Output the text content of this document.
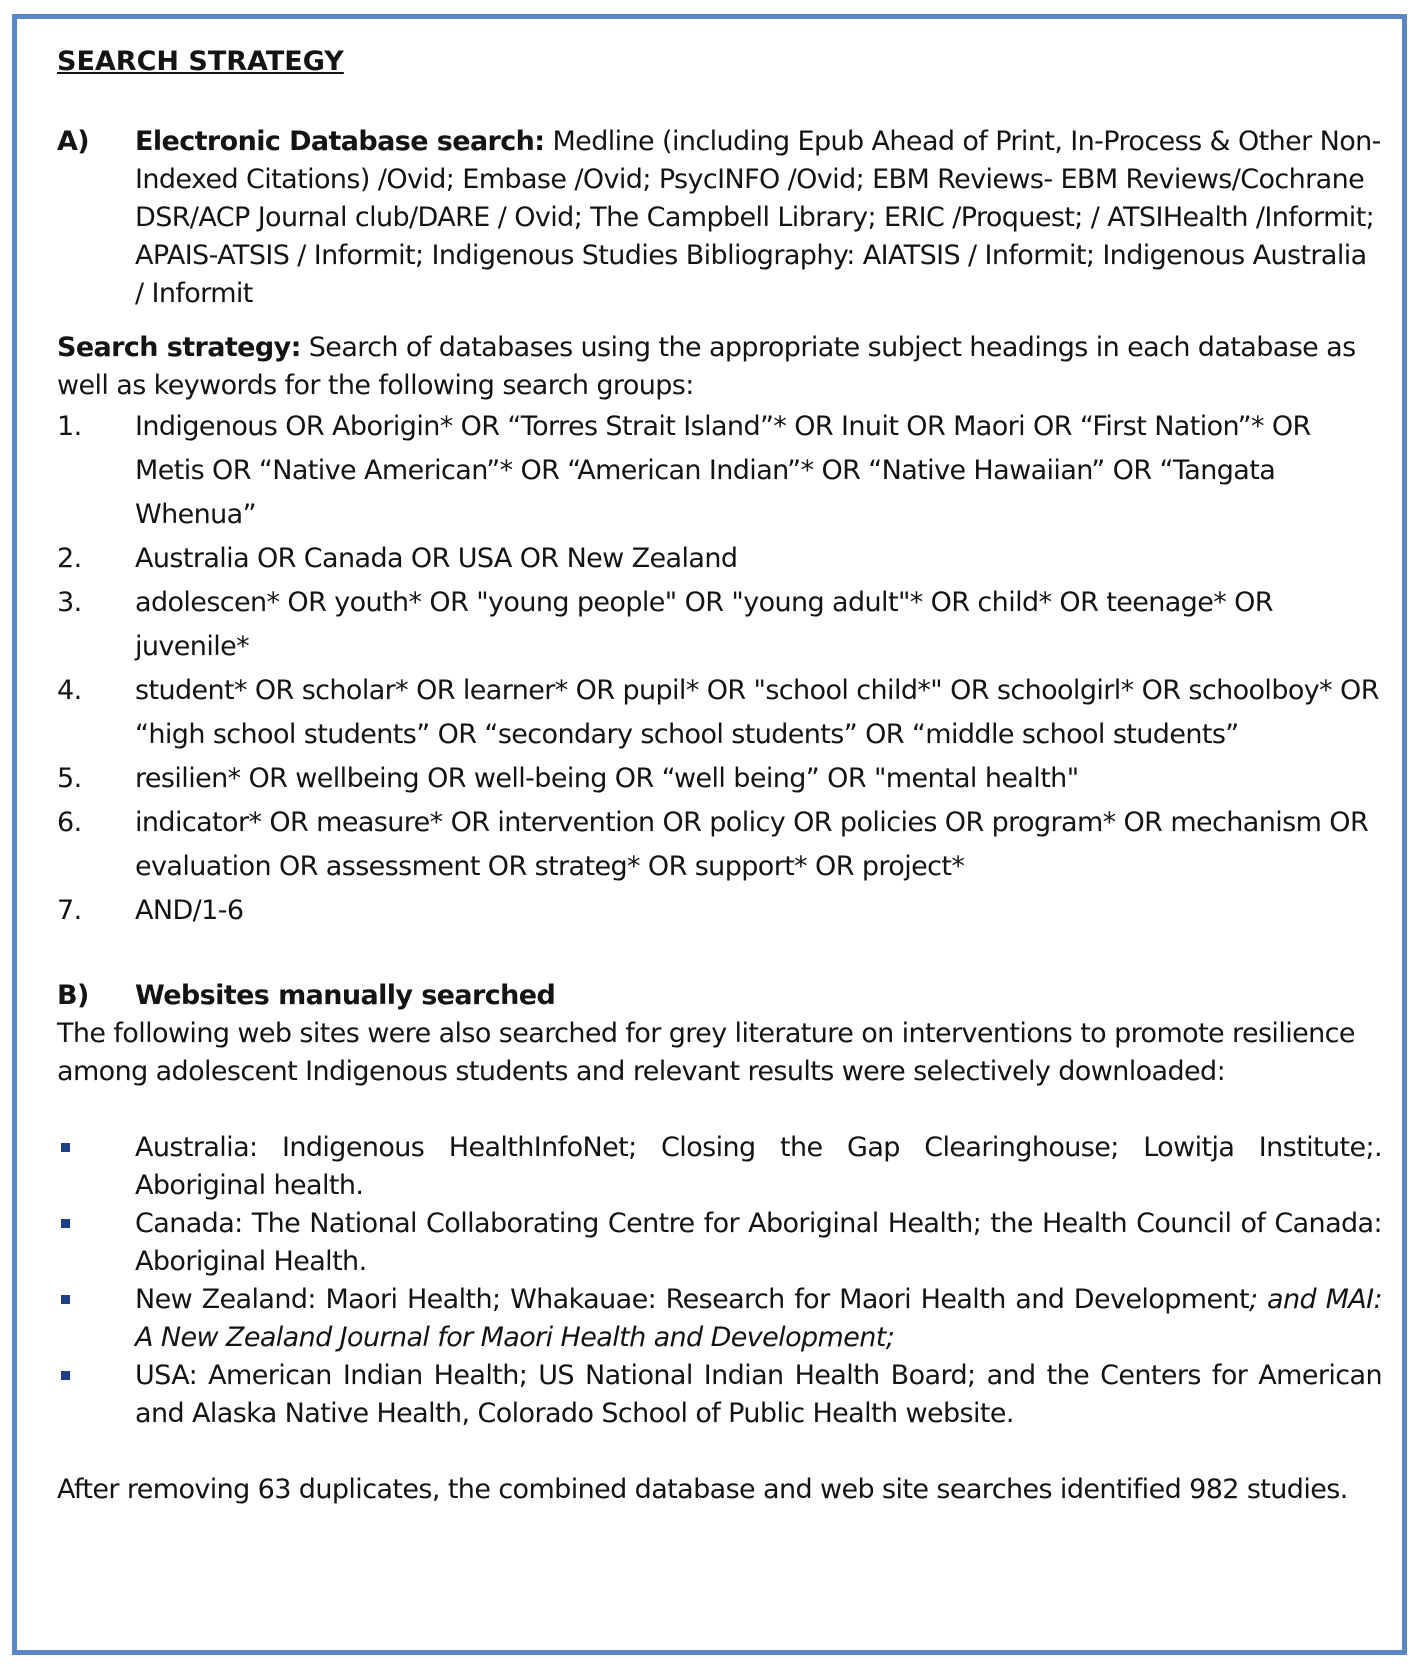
SEARCH STRATEGY
A) Electronic Database search: Medline (including Epub Ahead of Print, In-Process & Other Non-Indexed Citations) /Ovid; Embase /Ovid; PsycINFO /Ovid; EBM Reviews- EBM Reviews/Cochrane DSR/ACP Journal club/DARE / Ovid; The Campbell Library; ERIC /Proquest; / ATSIHealth /Informit; APAIS-ATSIS / Informit; Indigenous Studies Bibliography: AIATSIS / Informit; Indigenous Australia / Informit
Search strategy: Search of databases using the appropriate subject headings in each database as well as keywords for the following search groups:
1. Indigenous OR Aborigin* OR “Torres Strait Island”* OR Inuit OR Maori OR “First Nation”* OR Metis OR “Native American”* OR “American Indian”* OR “Native Hawaiian” OR “Tangata Whenua”
2. Australia OR Canada OR USA OR New Zealand
3. adolescen* OR youth* OR "young people" OR "young adult"* OR child* OR teenage* OR juvenile*
4. student* OR scholar* OR learner* OR pupil* OR "school child*" OR schoolgirl* OR schoolboy* OR “high school students” OR “secondary school students” OR “middle school students”
5. resilien* OR wellbeing OR well-being OR “well being” OR "mental health"
6. indicator* OR measure* OR intervention OR policy OR policies OR program* OR mechanism OR evaluation OR assessment OR strateg* OR support* OR project*
7. AND/1-6
B) Websites manually searched
The following web sites were also searched for grey literature on interventions to promote resilience among adolescent Indigenous students and relevant results were selectively downloaded:
Australia: Indigenous HealthInfoNet; Closing the Gap Clearinghouse; Lowitja Institute;. Aboriginal health.
Canada: The National Collaborating Centre for Aboriginal Health; the Health Council of Canada: Aboriginal Health.
New Zealand: Maori Health; Whakauae: Research for Maori Health and Development; and MAI: A New Zealand Journal for Maori Health and Development;
USA: American Indian Health; US National Indian Health Board; and the Centers for American and Alaska Native Health, Colorado School of Public Health website.
After removing 63 duplicates, the combined database and web site searches identified 982 studies.
